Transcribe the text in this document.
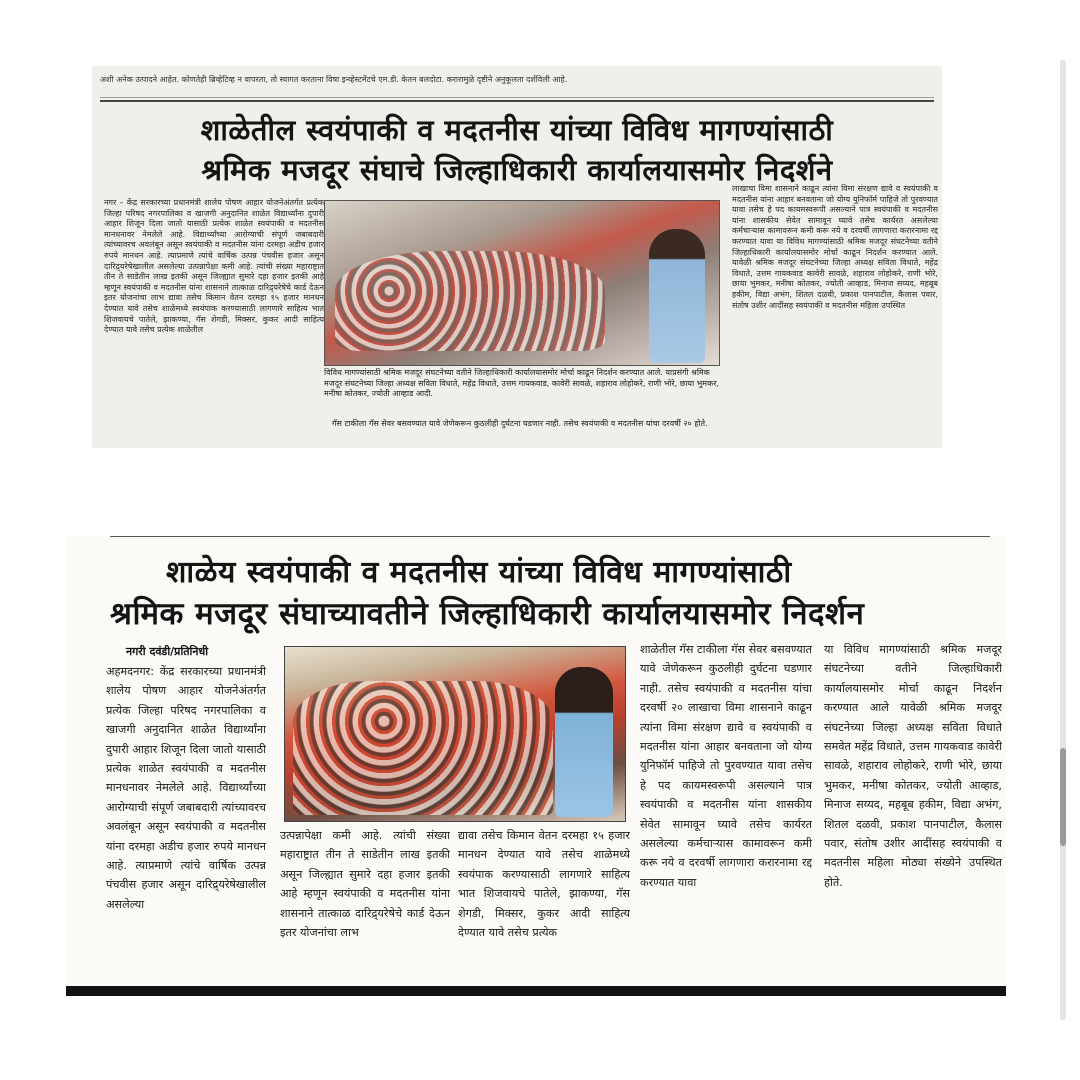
अशी अनेक उत्पादने आहेत. कोणतेही ब्रिव्हेटिव्ह न वापरता, तो स्वागत करताना विषा इन्व्हेस्टमेंटचे एम.डी. केतन बलदोटा. करारामुळे दृष्टीने अनुकूलता दर्शविली आहे.
शाळेतील स्वयंपाकी व मदतनीस यांच्या विविध मागण्यांसाठी
श्रमिक मजदूर संघाचे जिल्हाधिकारी कार्यालयासमोर निदर्शने
नगर – केंद्र सरकारच्या प्रधानमंत्री शालेय पोषण आहार योजनेअंतर्गत प्रत्येक जिल्हा परिषद नगरपालिका व खाजगी अनुदानित शाळेत विद्यार्थ्यांना दुपारी आहार शिजून दिला जातो यासाठी प्रत्येक शाळेत स्वयंपाकी व मदतनीस मानधनावर नेमलेले आहे. विद्यार्थ्यांच्या आरोग्याची संपूर्ण जबाबदारी त्यांच्यावरच अवलंबून असून स्वयंपाकी व मदतनीस यांना दरमहा अडीच हजार रुपये मानधन आहे. त्याप्रमाणे त्यांचे वार्षिक उत्पन्न पंचवीस हजार असून दारिद्र्यरेषेखालील असलेल्या उत्पन्नापेक्षा कमी आहे. त्यांची संख्या महाराष्ट्रात तीन ते साडेतीन लाख इतकी असून जिल्ह्यात सुमारे दहा हजार इतकी आहे म्हणून स्वयंपाकी व मदतनीस यांना शासनाने तात्काळ दारिद्र्यरेषेचे कार्ड देऊन इतर योजनांचा लाभ द्यावा तसेच किमान वेतन दरमहा १५ हजार मानधन देण्यात यावे तसेच शाळेमध्ये स्वयंपाक करण्यासाठी लागणारे साहित्य भात शिजवायचे पातेले, झाकण्या, गॅस शेगडी, मिक्सर, कुकर आदी साहित्य देण्यात यावे तसेच प्रत्येक शाळेतील
विविध मागण्यांसाठी श्रमिक मजदूर संघटनेच्या वतीने जिल्हाधिकारी कार्यालयासमोर मोर्चा काढून निदर्शन करण्यात आले. याप्रसंगी श्रमिक मजदूर संघटनेच्या जिल्हा अध्यक्ष सविता विधाते, महेंद्र विधाते, उत्तम गायकवाड, कावेरी सावळे, शहाराव लोहोकरे, राणी भोरे, छाया भुमकर, मनीषा कोतकर, ज्योती आव्हाड आदी.
गॅस टाकीला गॅस सेवर बसवण्यात यावे जेणेकरून कुठलीही दुर्घटना घडणार नाही. तसेच स्वयंपाकी व मदतनीस यांचा दरवर्षी २० होते.
लाखाचा विमा शासनाने काढून त्यांना विमा संरक्षण द्यावे व स्वयंपाकी व मदतनीस यांना आहार बनवताना जो योग्य युनिफॉर्म पाहिजे तो पुरवण्यात यावा तसेच हे पद कायमस्वरूपी असल्याने पात्र स्वयंपाकी व मदतनीस यांना शासकीय सेवेत सामावून घ्यावे तसेच कार्यरत असलेल्या कर्मचाऱ्यास कामावरून कमी करू नये व दरवर्षी लागणारा करारनामा रद्द करण्यात यावा या विविध मागण्यांसाठी श्रमिक मजदूर संघटनेच्या वतीने जिल्हाधिकारी कार्यालयासमोर मोर्चा काढून निदर्शन करण्यात आले. यावेळी श्रमिक मजदूर संघटनेच्या जिल्हा अध्यक्ष सविता विधाते, महेंद्र विधाते, उत्तम गायकवाड कावेरी सावळे, शहाराव लोहोकरे, राणी भोरे, छाया भुमकर, मनीषा कोतकर, ज्योती आव्हाड, मिनाज सय्यद, महबूब हकीम, विद्या अभंग, शितल दळवी, प्रकाश पानपाटील, कैलास पवार, संतोष उशीर आदींसह स्वयंपाकी व मदतनीस महिला उपस्थित
शाळेय स्वयंपाकी व मदतनीस यांच्या विविध मागण्यांसाठी
श्रमिक मजदूर संघाच्यावतीने जिल्हाधिकारी कार्यालयासमोर निदर्शन
नगरी दवंडी/प्रतिनिधी
अहमदनगर: केंद्र सरकारच्या प्रधानमंत्री शालेय पोषण आहार योजनेअंतर्गत प्रत्येक जिल्हा परिषद नगरपालिका व खाजगी अनुदानित शाळेत विद्यार्थ्यांना दुपारी आहार शिजून दिला जातो यासाठी प्रत्येक शाळेत स्वयंपाकी व मदतनीस मानधनावर नेमलेले आहे. विद्यार्थ्यांच्या आरोग्याची संपूर्ण जबाबदारी त्यांच्यावरच अवलंबून असून स्वयंपाकी व मदतनीस यांना दरमहा अडीच हजार रुपये मानधन आहे. त्याप्रमाणे त्यांचे वार्षिक उत्पन्न पंचवीस हजार असून दारिद्र्यरेषेखालील असलेल्या
उत्पन्नापेक्षा कमी आहे. त्यांची संख्या महाराष्ट्रात तीन ते साडेतीन लाख इतकी असून जिल्ह्यात सुमारे दहा हजार इतकी आहे म्हणून स्वयंपाकी व मदतनीस यांना शासनाने तात्काळ दारिद्र्यरेषेचे कार्ड देऊन इतर योजनांचा लाभ
द्यावा तसेच किमान वेतन दरमहा १५ हजार मानधन देण्यात यावे तसेच शाळेमध्ये स्वयंपाक करण्यासाठी लागणारे साहित्य भात शिजवायचे पातेले, झाकण्या, गॅस शेगडी, मिक्सर, कुकर आदी साहित्य देण्यात यावे तसेच प्रत्येक
शाळेतील गॅस टाकीला गॅस सेवर बसवण्यात यावे जेणेकरून कुठलीही दुर्घटना घडणार नाही. तसेच स्वयंपाकी व मदतनीस यांचा दरवर्षी २० लाखाचा विमा शासनाने काढून त्यांना विमा संरक्षण द्यावे व स्वयंपाकी व मदतनीस यांना आहार बनवताना जो योग्य युनिफॉर्म पाहिजे तो पुरवण्यात यावा तसेच हे पद कायमस्वरूपी असल्याने पात्र स्वयंपाकी व मदतनीस यांना शासकीय सेवेत सामावून घ्यावे तसेच कार्यरत असलेल्या कर्मचाऱ्यास कामावरून कमी करू नये व दरवर्षी लागणारा करारनामा रद्द करण्यात यावा
या विविध मागण्यांसाठी श्रमिक मजदूर संघटनेच्या वतीने जिल्हाधिकारी कार्यालयासमोर मोर्चा काढून निदर्शन करण्यात आले यावेळी श्रमिक मजदूर संघटनेच्या जिल्हा अध्यक्ष सविता विधाते समवेत महेंद्र विधाते, उत्तम गायकवाड कावेरी सावळे, शहाराव लोहोकरे, राणी भोरे, छाया भुमकर, मनीषा कोतकर, ज्योती आव्हाड, मिनाज सय्यद, महबूब हकीम, विद्या अभंग, शितल दळवी, प्रकाश पानपाटील, कैलास पवार, संतोष उशीर आदींसह स्वयंपाकी व मदतनीस महिला मोठ्या संख्येने उपस्थित होते.
